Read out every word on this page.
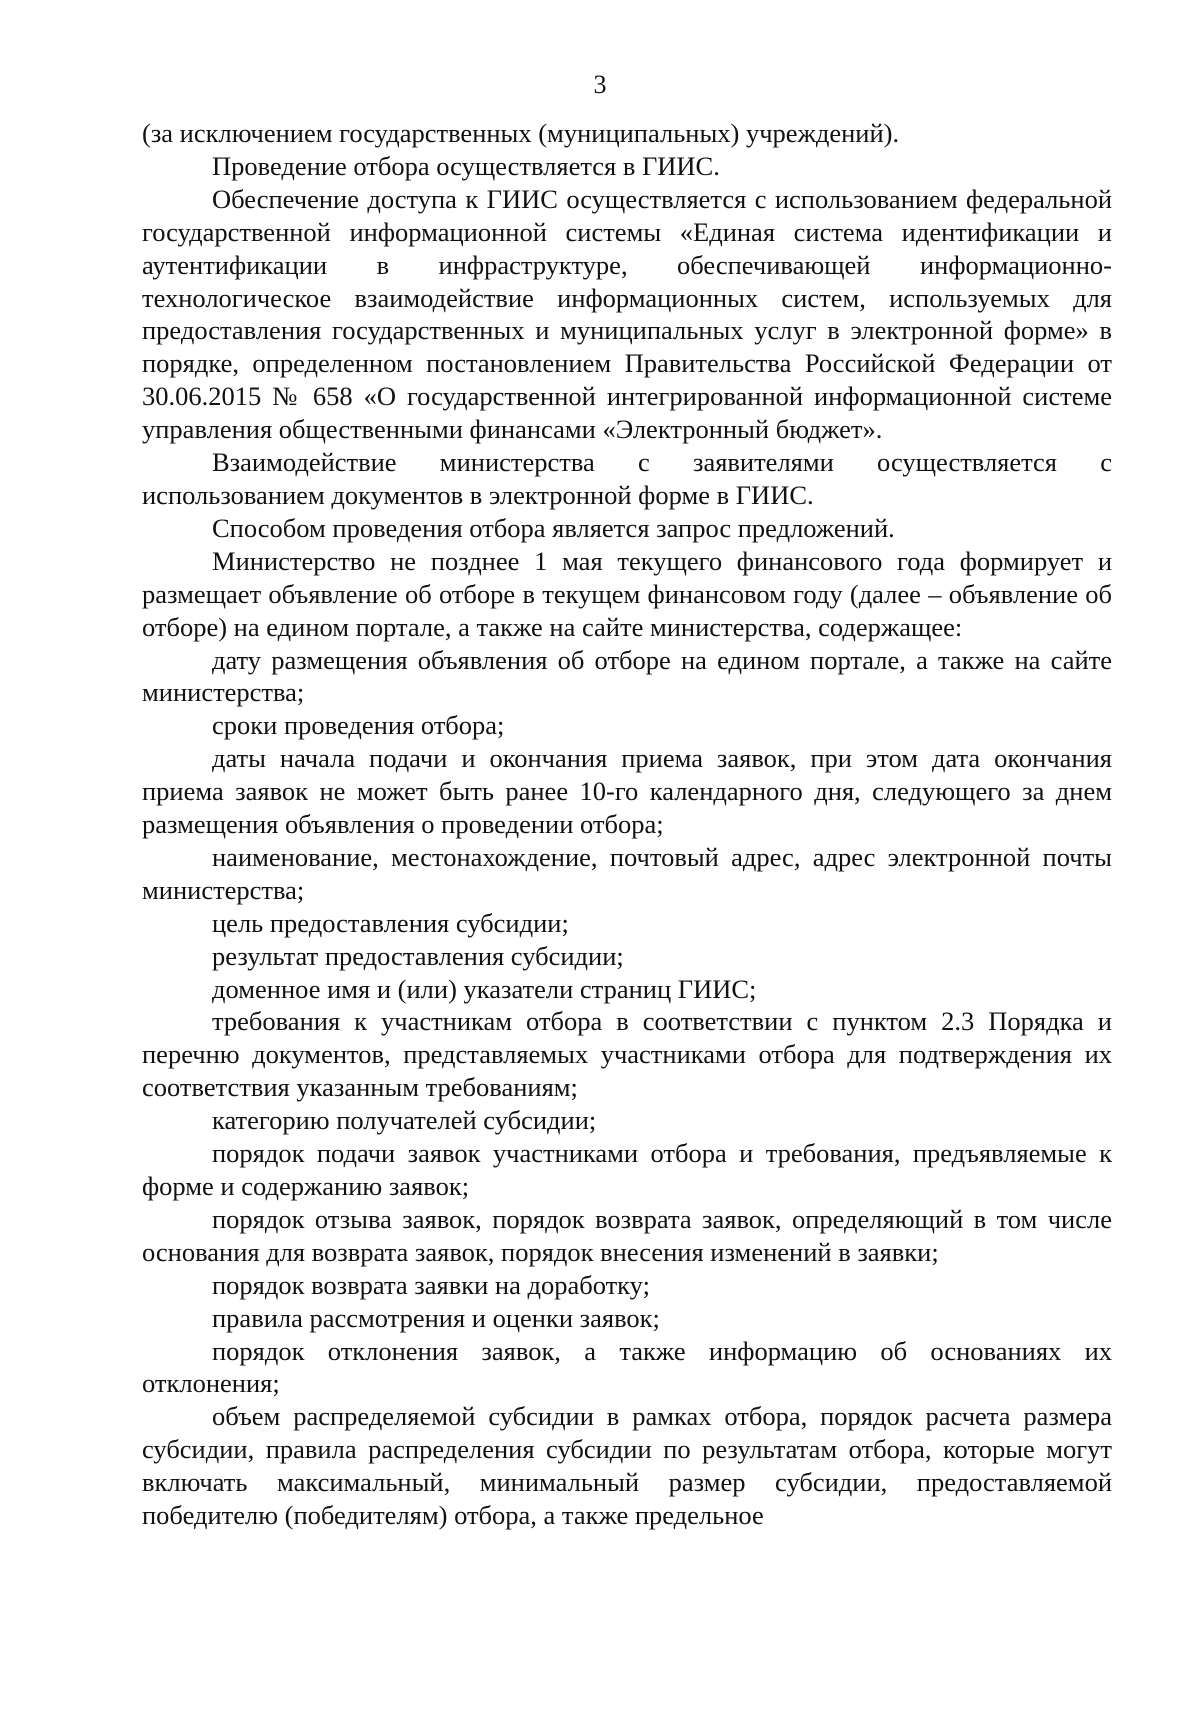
3

(за исключением государственных (муниципальных) учреждений).

Проведение отбора осуществляется в ГИИС.

Обеспечение доступа к ГИИС осуществляется с использованием федеральной государственной информационной системы «Единая система идентификации и аутентификации в инфраструктуре, обеспечивающей информационно-технологическое взаимодействие информационных систем, используемых для предоставления государственных и муниципальных услуг в электронной форме» в порядке, определенном постановлением Правительства Российской Федерации от 30.06.2015 № 658 «О государственной интегрированной информационной системе управления общественными финансами «Электронный бюджет».

Взаимодействие министерства с заявителями осуществляется с использованием документов в электронной форме в ГИИС.

Способом проведения отбора является запрос предложений.

Министерство не позднее 1 мая текущего финансового года формирует и размещает объявление об отборе в текущем финансовом году (далее – объявление об отборе) на едином портале, а также на сайте министерства, содержащее:

дату размещения объявления об отборе на едином портале, а также на сайте министерства;

сроки проведения отбора;

даты начала подачи и окончания приема заявок, при этом дата окончания приема заявок не может быть ранее 10-го календарного дня, следующего за днем размещения объявления о проведении отбора;

наименование, местонахождение, почтовый адрес, адрес электронной почты министерства;

цель предоставления субсидии;

результат предоставления субсидии;

доменное имя и (или) указатели страниц ГИИС;

требования к участникам отбора в соответствии с пунктом 2.3 Порядка и перечню документов, представляемых участниками отбора для подтверждения их соответствия указанным требованиям;

категорию получателей субсидии;

порядок подачи заявок участниками отбора и требования, предъявляемые к форме и содержанию заявок;

порядок отзыва заявок, порядок возврата заявок, определяющий в том числе основания для возврата заявок, порядок внесения изменений в заявки;

порядок возврата заявки на доработку;

правила рассмотрения и оценки заявок;

порядок отклонения заявок, а также информацию об основаниях их отклонения;

объем распределяемой субсидии в рамках отбора, порядок расчета размера субсидии, правила распределения субсидии по результатам отбора, которые могут включать максимальный, минимальный размер субсидии, предоставляемой победителю (победителям) отбора, а также предельное
